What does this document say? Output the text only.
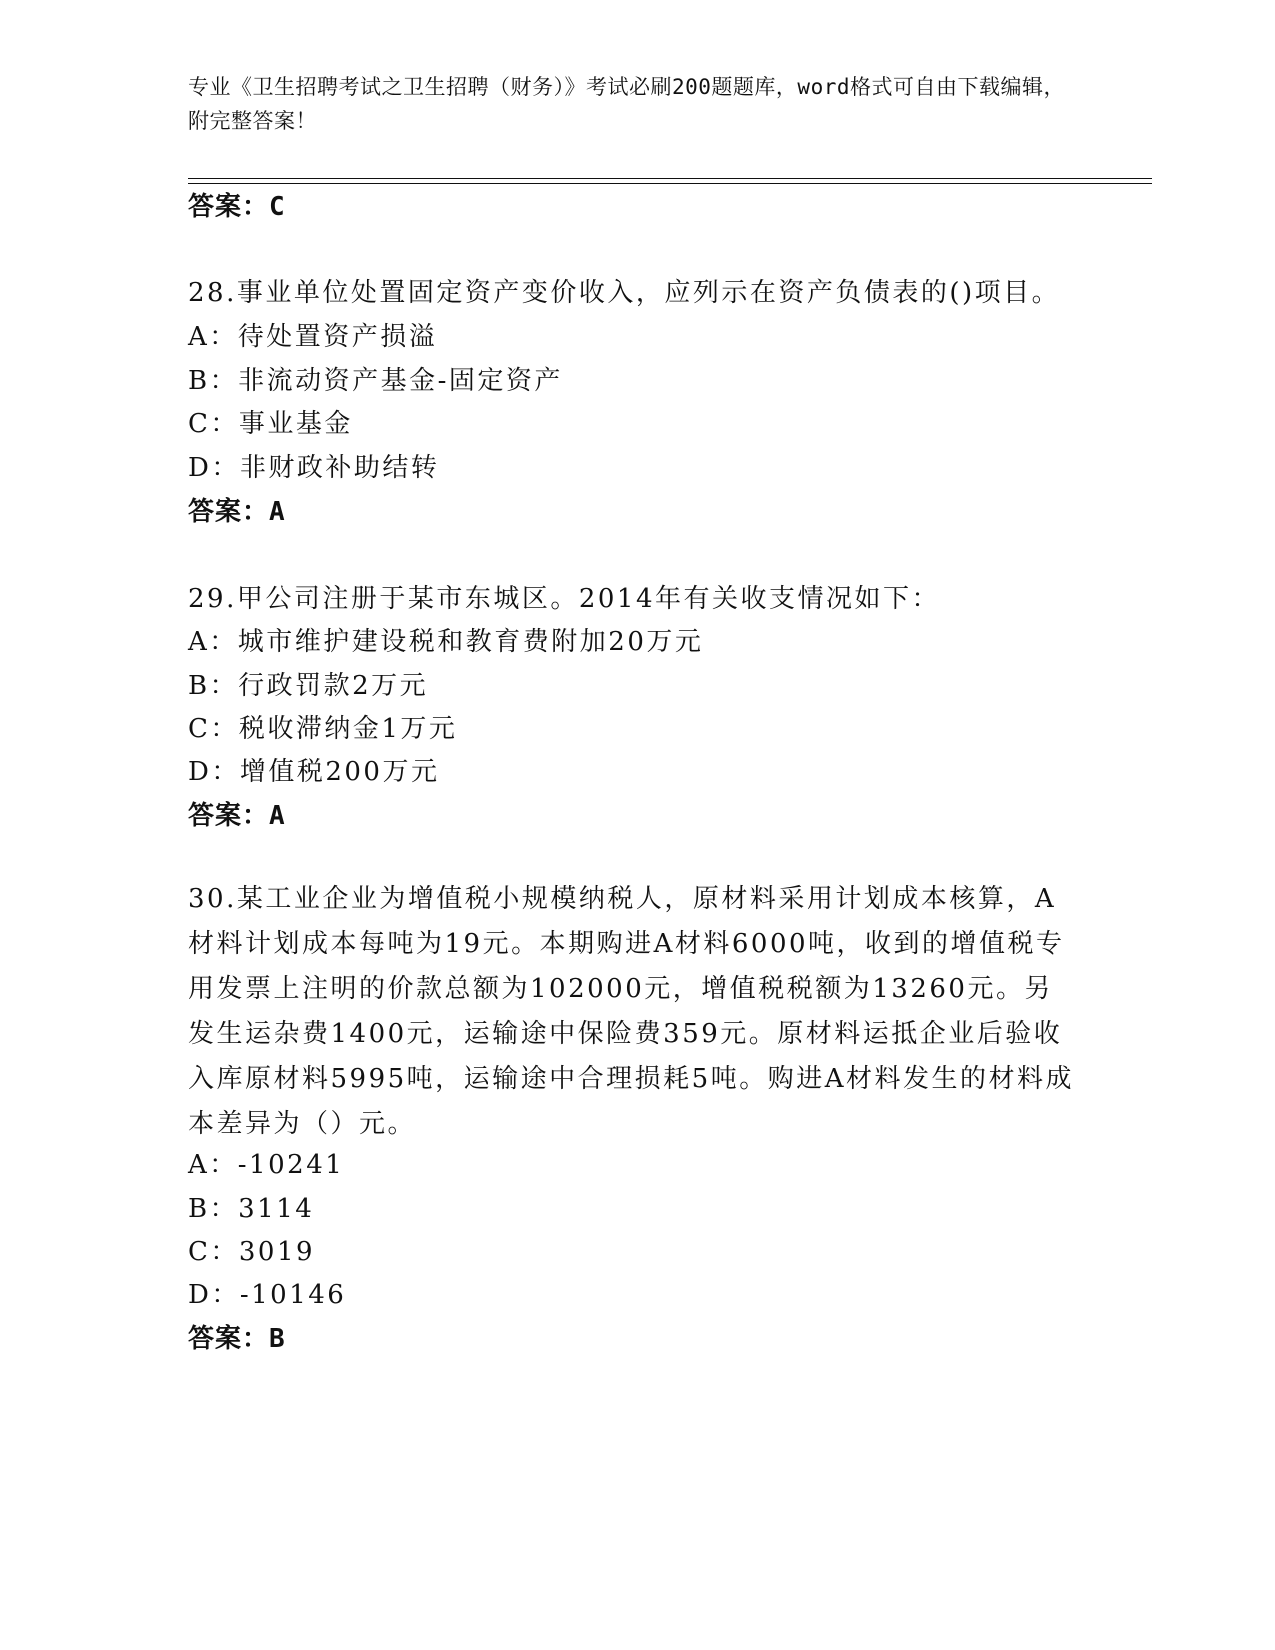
专业《卫生招聘考试之卫生招聘（财务）》考试必刷200题题库，word格式可自由下载编辑，附完整答案！
答案：C
28.事业单位处置固定资产变价收入，应列示在资产负债表的()项目。
A：待处置资产损溢
B：非流动资产基金-固定资产
C：事业基金
D：非财政补助结转
答案：A
29.甲公司注册于某市东城区。2014年有关收支情况如下：
A：城市维护建设税和教育费附加20万元
B：行政罚款2万元
C：税收滞纳金1万元
D：增值税200万元
答案：A
30.某工业企业为增值税小规模纳税人，原材料采用计划成本核算，A材料计划成本每吨为19元。本期购进A材料6000吨，收到的增值税专用发票上注明的价款总额为102000元，增值税税额为13260元。另发生运杂费1400元，运输途中保险费359元。原材料运抵企业后验收入库原材料5995吨，运输途中合理损耗5吨。购进A材料发生的材料成本差异为（）元。
A：-10241
B：3114
C：3019
D：-10146
答案：B
